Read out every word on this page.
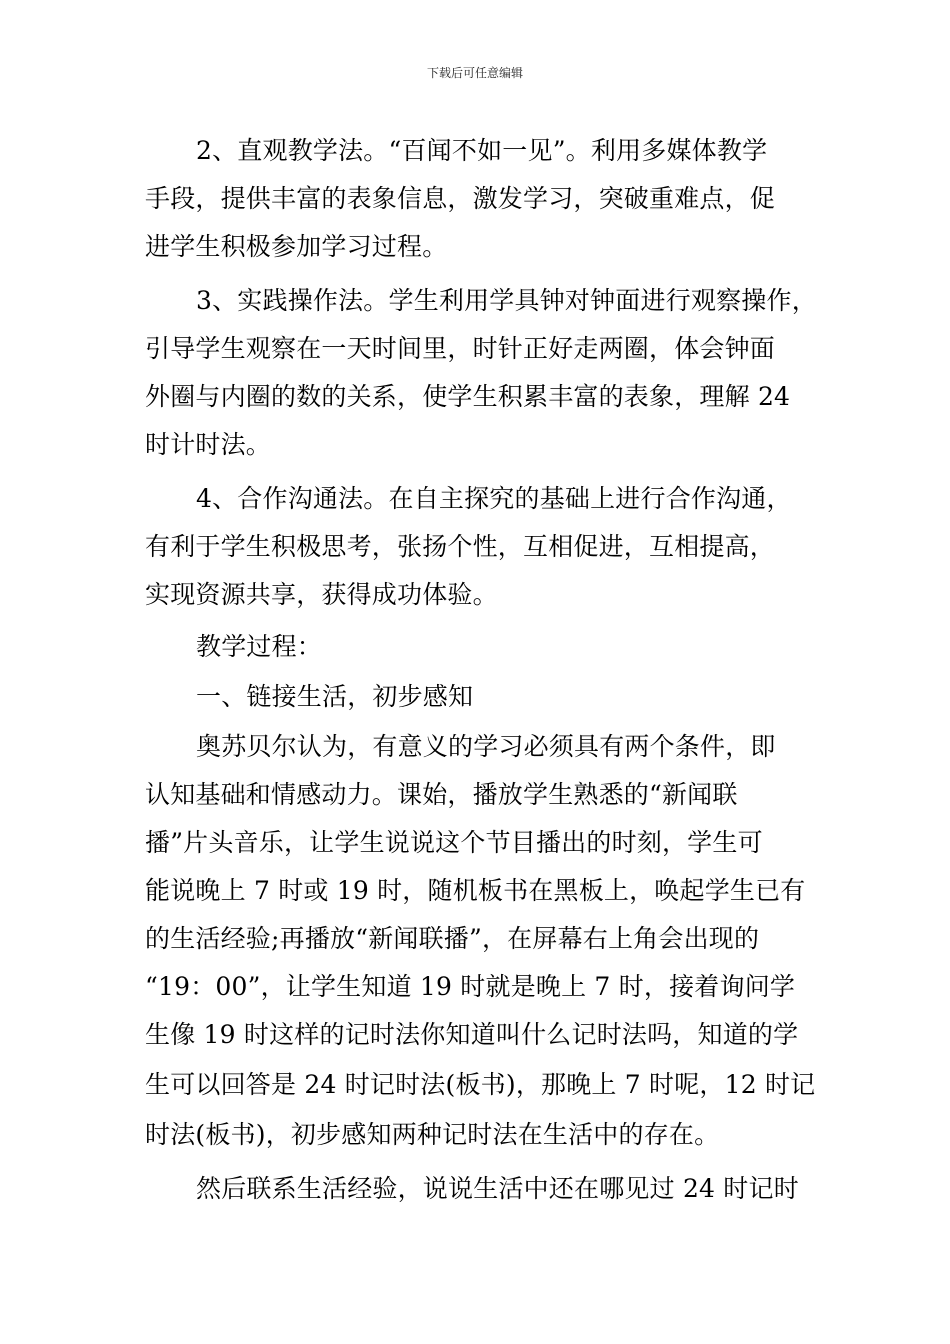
下载后可任意编辑
2、直观教学法。“百闻不如一见”。利用多媒体教学
手段，提供丰富的表象信息，激发学习，突破重难点，促
进学生积极参加学习过程。
3、实践操作法。学生利用学具钟对钟面进行观察操作，
引导学生观察在一天时间里，时针正好走两圈，体会钟面
外圈与内圈的数的关系，使学生积累丰富的表象，理解 24
时计时法。
4、合作沟通法。在自主探究的基础上进行合作沟通，
有利于学生积极思考，张扬个性，互相促进，互相提高，
实现资源共享，获得成功体验。
教学过程：
一、链接生活，初步感知
奥苏贝尔认为，有意义的学习必须具有两个条件，即
认知基础和情感动力。课始，播放学生熟悉的“新闻联
播”片头音乐，让学生说说这个节目播出的时刻，学生可
能说晚上 7 时或 19 时，随机板书在黑板上，唤起学生已有
的生活经验;再播放“新闻联播”，在屏幕右上角会出现的
“19：00”，让学生知道 19 时就是晚上 7 时，接着询问学
生像 19 时这样的记时法你知道叫什么记时法吗，知道的学
生可以回答是 24 时记时法(板书)，那晚上 7 时呢，12 时记
时法(板书)，初步感知两种记时法在生活中的存在。
然后联系生活经验，说说生活中还在哪见过 24 时记时
